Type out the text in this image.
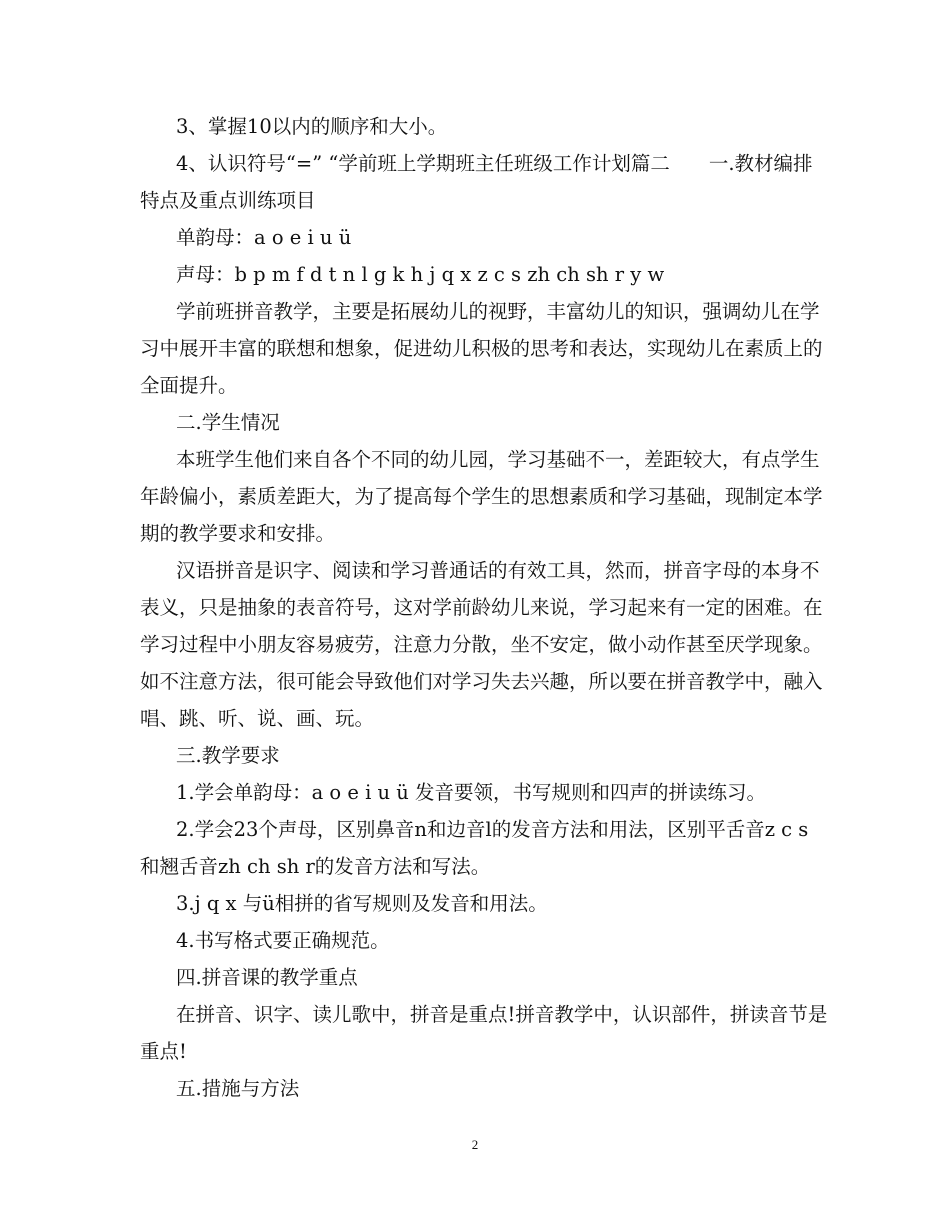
3、掌握10以内的顺序和大小。
4、认识符号“=” “学前班上学期班主任班级工作计划篇二　　一.教材编排
特点及重点训练项目
单韵母：a o e i u ü
声母：b p m f d t n l g k h j q x z c s zh ch sh r y w
学前班拼音教学，主要是拓展幼儿的视野，丰富幼儿的知识，强调幼儿在学
习中展开丰富的联想和想象，促进幼儿积极的思考和表达，实现幼儿在素质上的
全面提升。
二.学生情况
本班学生他们来自各个不同的幼儿园，学习基础不一，差距较大，有点学生
年龄偏小，素质差距大，为了提高每个学生的思想素质和学习基础，现制定本学
期的教学要求和安排。
汉语拼音是识字、阅读和学习普通话的有效工具，然而，拼音字母的本身不
表义，只是抽象的表音符号，这对学前龄幼儿来说，学习起来有一定的困难。在
学习过程中小朋友容易疲劳，注意力分散，坐不安定，做小动作甚至厌学现象。
如不注意方法，很可能会导致他们对学习失去兴趣，所以要在拼音教学中，融入
唱、跳、听、说、画、玩。
三.教学要求
1.学会单韵母：a o e i u ü 发音要领，书写规则和四声的拼读练习。
2.学会23个声母，区别鼻音n和边音l的发音方法和用法，区别平舌音z c s
和翘舌音zh ch sh r的发音方法和写法。
3.j q x 与ü相拼的省写规则及发音和用法。
4.书写格式要正确规范。
四.拼音课的教学重点
在拼音、识字、读儿歌中，拼音是重点!拼音教学中，认识部件，拼读音节是
重点!
五.措施与方法
2
